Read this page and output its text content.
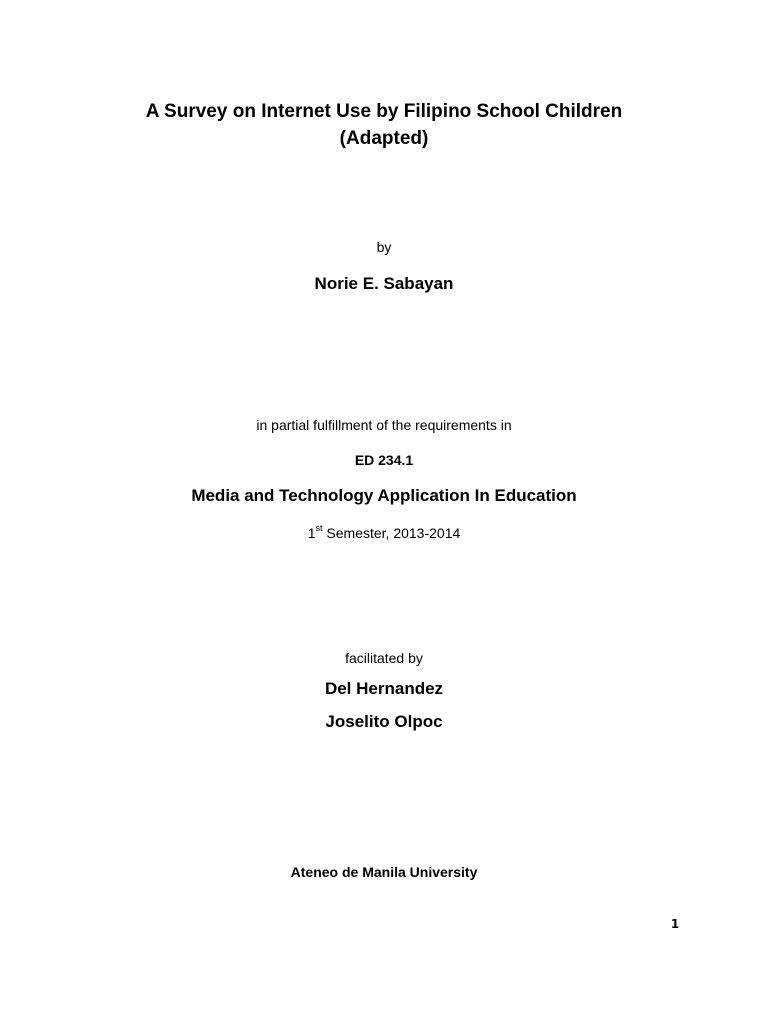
A Survey on Internet Use by Filipino School Children
(Adapted)
by
Norie E. Sabayan
in partial fulfillment of the requirements in
ED 234.1
Media and Technology Application In Education
1st Semester, 2013-2014
facilitated by
Del Hernandez
Joselito Olpoc
Ateneo de Manila University
1
